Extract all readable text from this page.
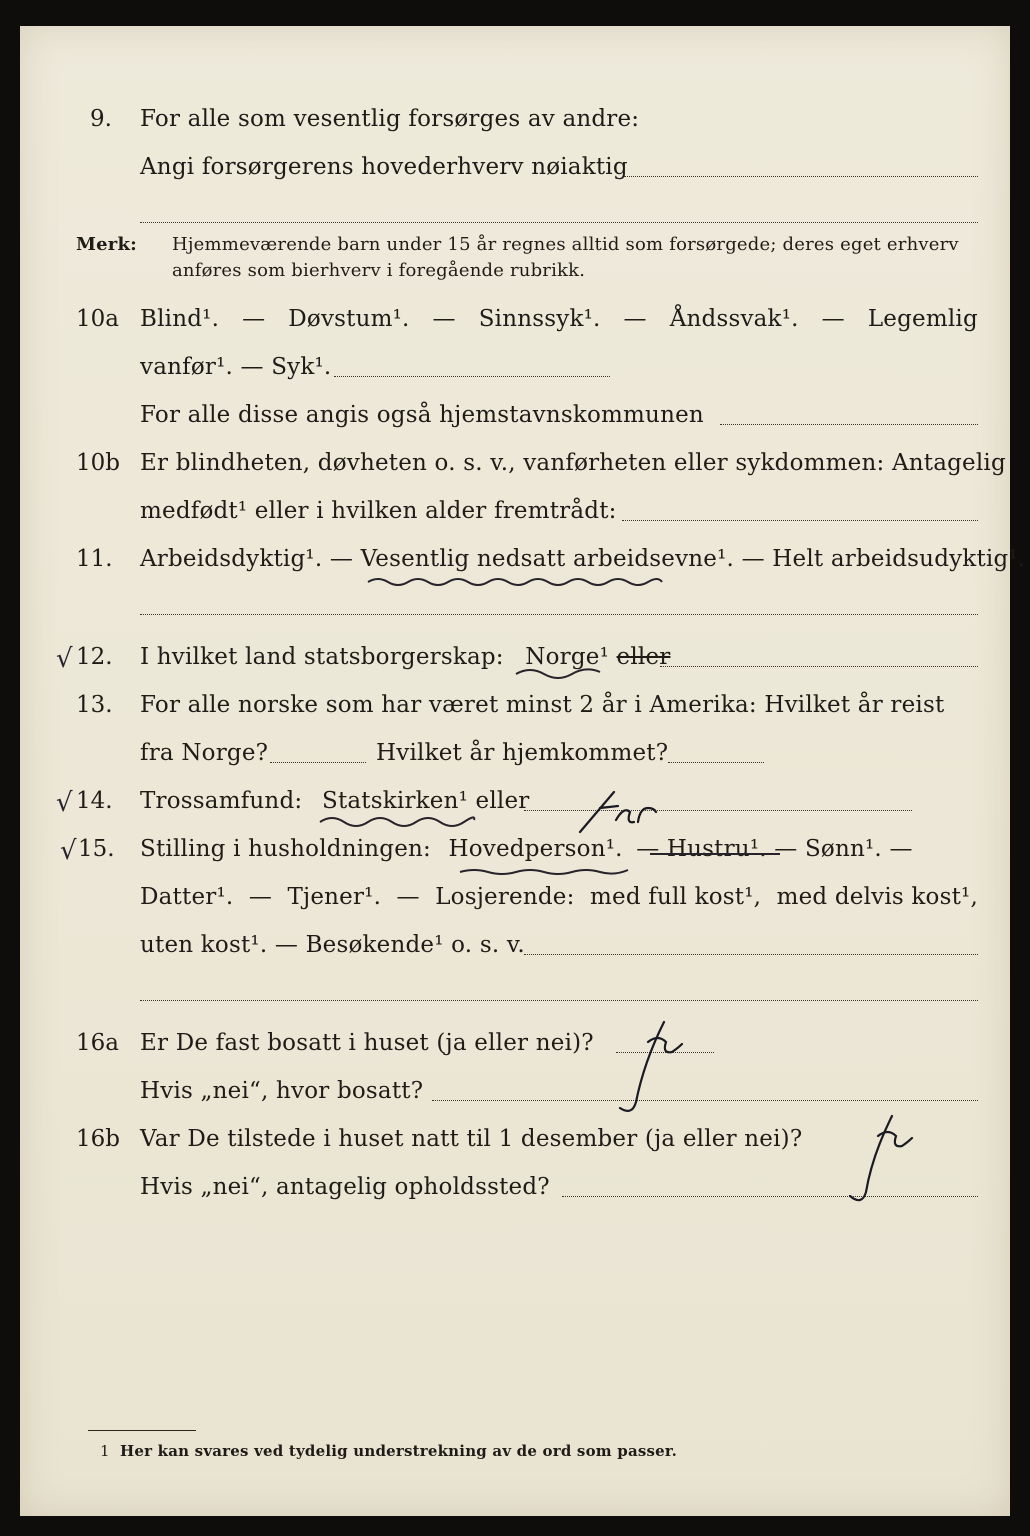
9. For alle som vesentlig forsørges av andre:
Angi forsørgerens hovederhverv nøiaktig
Merk: Hjemmeværende barn under 15 år regnes alltid som forsørgede; deres eget erhverv
anføres som bierhverv i foregående rubrikk.
10a Blind¹. — Døvstum¹. — Sinnssyk¹. — Åndssvak¹. — Legemlig
vanfør¹. — Syk¹.
For alle disse angis også hjemstavnskommunen
10b Er blindheten, døvheten o. s. v., vanførheten eller sykdommen: Antagelig
medfødt¹ eller i hvilken alder fremtrådt:
11. Arbeidsdyktig¹. — Vesentlig nedsatt arbeidsevne¹. — Helt arbeidsudyktig¹.
√ 12. I hvilket land statsborgerskap: Norge¹ eller
13. For alle norske som har været minst 2 år i Amerika: Hvilket år reist
fra Norge?	Hvilket år hjemkommet?
√ 14. Trossamfund: Statskirken¹ eller
√ 15. Stilling i husholdningen: Hovedperson¹. — Hustru¹. — Sønn¹. —
Datter¹. — Tjener¹. — Losjerende: med full kost¹, med delvis kost¹,
uten kost¹. — Besøkende¹ o. s. v.
16a Er De fast bosatt i huset (ja eller nei)?
Hvis „nei“, hvor bosatt?
16b Var De tilstede i huset natt til 1 desember (ja eller nei)?
Hvis „nei“, antagelig opholdssted?
1 Her kan svares ved tydelig understrekning av de ord som passer.
